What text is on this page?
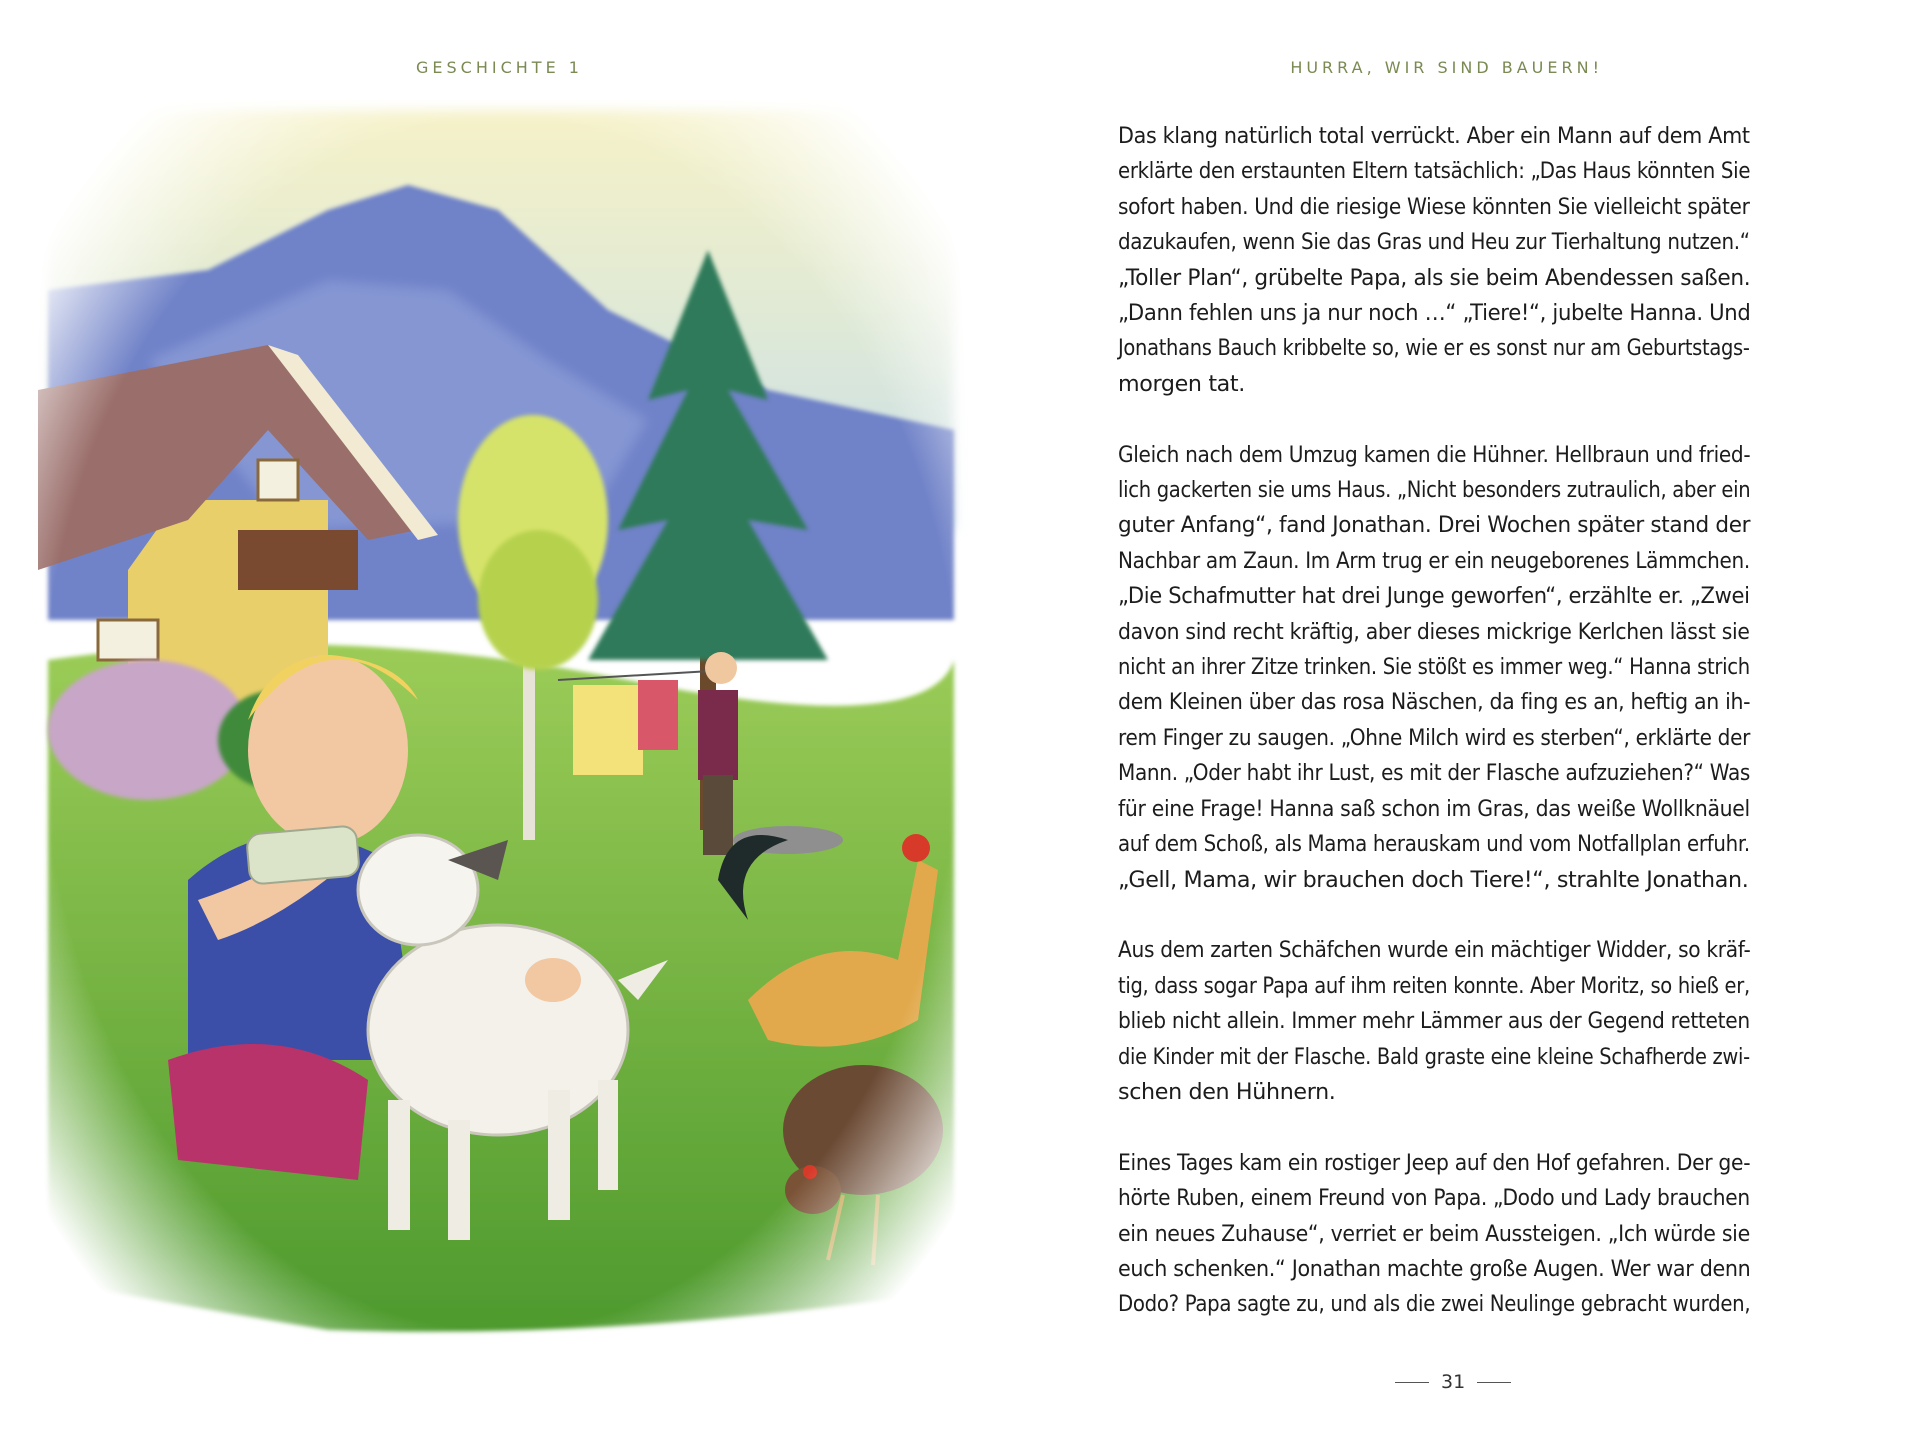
GESCHICHTE 1	HURRA, WIR SIND BAUERN!

Das klang natürlich total verrückt. Aber ein Mann auf dem Amt
erklärte den erstaunten Eltern tatsächlich: „Das Haus könnten Sie
sofort haben. Und die riesige Wiese könnten Sie vielleicht später
dazukaufen, wenn Sie das Gras und Heu zur Tierhaltung nutzen.“
„Toller Plan“, grübelte Papa, als sie beim Abendessen saßen.
„Dann fehlen uns ja nur noch …“ „Tiere!“, jubelte Hanna. Und
Jonathans Bauch kribbelte so, wie er es sonst nur am Geburtstags-

morgen tat.

Gleich nach dem Umzug kamen die Hühner. Hellbraun und fried-
lich gackerten sie ums Haus. „Nicht besonders zutraulich, aber ein
guter Anfang“, fand Jonathan. Drei Wochen später stand der
Nachbar am Zaun. Im Arm trug er ein neugeborenes Lämmchen.
„Die Schafmutter hat drei Junge geworfen“, erzählte er. „Zwei
davon sind recht kräftig, aber dieses mickrige Kerlchen lässt sie
nicht an ihrer Zitze trinken. Sie stößt es immer weg.“ Hanna strich
dem Kleinen über das rosa Näschen, da fing es an, heftig an ih-
rem Finger zu saugen. „Ohne Milch wird es sterben“, erklärte der
Mann. „Oder habt ihr Lust, es mit der Flasche aufzuziehen?“ Was
für eine Frage! Hanna saß schon im Gras, das weiße Wollknäuel
auf dem Schoß, als Mama herauskam und vom Notfallplan erfuhr.

„Gell, Mama, wir brauchen doch Tiere!“, strahlte Jonathan.

Aus dem zarten Schäfchen wurde ein mächtiger Widder, so kräf-
tig, dass sogar Papa auf ihm reiten konnte. Aber Moritz, so hieß er,
blieb nicht allein. Immer mehr Lämmer aus der Gegend retteten
die Kinder mit der Flasche. Bald graste eine kleine Schafherde zwi-

schen den Hühnern.

Eines Tages kam ein rostiger Jeep auf den Hof gefahren. Der ge-
hörte Ruben, einem Freund von Papa. „Dodo und Lady brauchen
ein neues Zuhause“, verriet er beim Aussteigen. „Ich würde sie
euch schenken.“ Jonathan machte große Augen. Wer war denn
Dodo? Papa sagte zu, und als die zwei Neulinge gebracht wurden,

31
